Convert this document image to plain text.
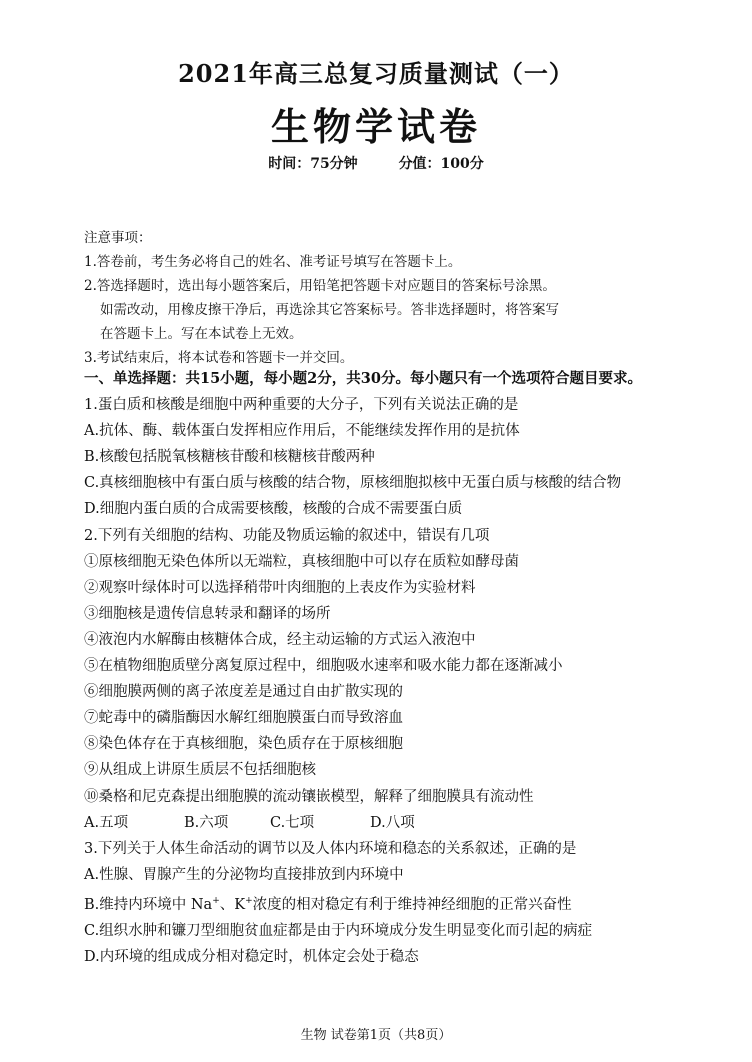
2021年高三总复习质量测试（一）
生物学试卷
时间：75分钟	分值：100分
注意事项：
1.答卷前，考生务必将自己的姓名、准考证号填写在答题卡上。
2.答选择题时，选出每小题答案后，用铅笔把答题卡对应题目的答案标号涂黑。
如需改动，用橡皮擦干净后，再选涂其它答案标号。答非选择题时，将答案写
在答题卡上。写在本试卷上无效。
3.考试结束后，将本试卷和答题卡一并交回。
一、单选择题：共15小题，每小题2分，共30分。每小题只有一个选项符合题目要求。
1.蛋白质和核酸是细胞中两种重要的大分子，下列有关说法正确的是
A.抗体、酶、载体蛋白发挥相应作用后，不能继续发挥作用的是抗体
B.核酸包括脱氧核糖核苷酸和核糖核苷酸两种
C.真核细胞核中有蛋白质与核酸的结合物，原核细胞拟核中无蛋白质与核酸的结合物
D.细胞内蛋白质的合成需要核酸，核酸的合成不需要蛋白质
2.下列有关细胞的结构、功能及物质运输的叙述中，错误有几项
①原核细胞无染色体所以无端粒，真核细胞中可以存在质粒如酵母菌
②观察叶绿体时可以选择稍带叶肉细胞的上表皮作为实验材料
③细胞核是遗传信息转录和翻译的场所
④液泡内水解酶由核糖体合成，经主动运输的方式运入液泡中
⑤在植物细胞质壁分离复原过程中，细胞吸水速率和吸水能力都在逐渐减小
⑥细胞膜两侧的离子浓度差是通过自由扩散实现的
⑦蛇毒中的磷脂酶因水解红细胞膜蛋白而导致溶血
⑧染色体存在于真核细胞，染色质存在于原核细胞
⑨从组成上讲原生质层不包括细胞核
⑩桑格和尼克森提出细胞膜的流动镶嵌模型，解释了细胞膜具有流动性
A.五项	B.六项	C.七项	D.八项
3.下列关于人体生命活动的调节以及人体内环境和稳态的关系叙述，正确的是
A.性腺、胃腺产生的分泌物均直接排放到内环境中
B.维持内环境中 Na+、K+浓度的相对稳定有利于维持神经细胞的正常兴奋性
C.组织水肿和镰刀型细胞贫血症都是由于内环境成分发生明显变化而引起的病症
D.内环境的组成成分相对稳定时，机体定会处于稳态
生物 试卷第1页（共8页）
